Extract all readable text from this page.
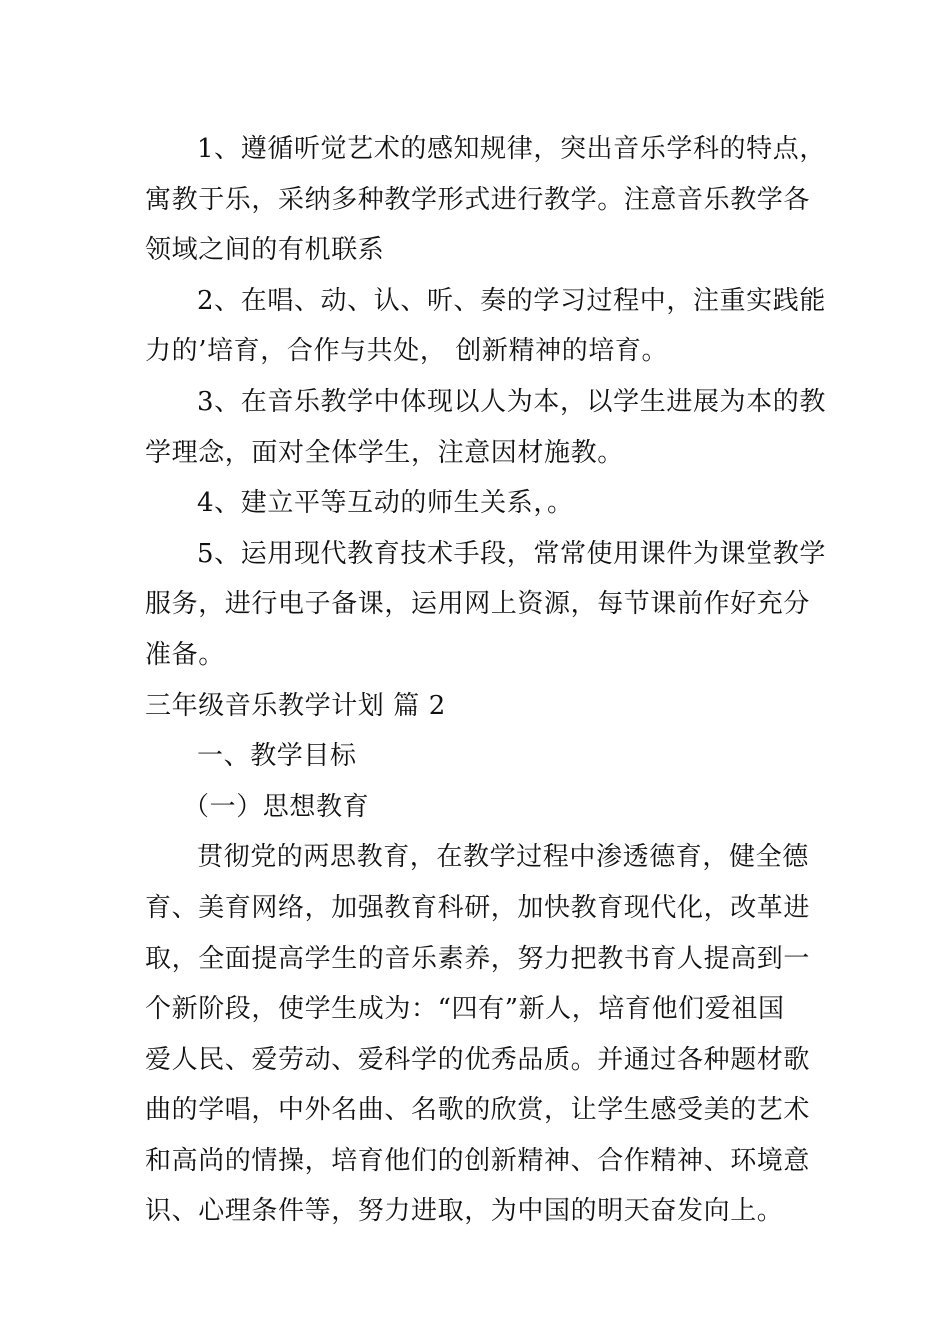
1、遵循听觉艺术的感知规律，突出音乐学科的特点，
寓教于乐，采纳多种教学形式进行教学。注意音乐教学各
领域之间的有机联系
2、在唱、动、认、听、奏的学习过程中，注重实践能
力的’培育，合作与共处， 创新精神的培育。
3、在音乐教学中体现以人为本，以学生进展为本的教
学理念，面对全体学生，注意因材施教。
4、建立平等互动的师生关系，。
5、运用现代教育技术手段，常常使用课件为课堂教学
服务，进行电子备课，运用网上资源，每节课前作好充分
准备。
三年级音乐教学计划 篇 2
一、教学目标
（一）思想教育
贯彻党的两思教育，在教学过程中渗透德育，健全德
育、美育网络，加强教育科研，加快教育现代化，改革进
取，全面提高学生的音乐素养，努力把教书育人提高到一
个新阶段，使学生成为：“四有”新人，培育他们爱祖国
爱人民、爱劳动、爱科学的优秀品质。并通过各种题材歌
曲的学唱，中外名曲、名歌的欣赏，让学生感受美的艺术
和高尚的情操，培育他们的创新精神、合作精神、环境意
识、心理条件等，努力进取，为中国的明天奋发向上。
